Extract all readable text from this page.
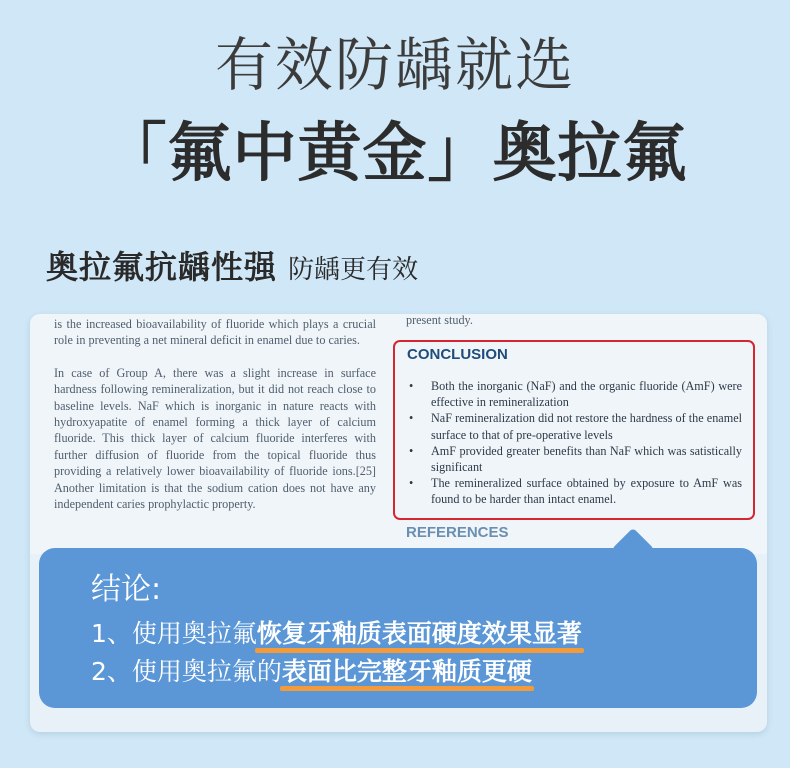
有效防龋就选
「氟中黄金」奥拉氟
奥拉氟抗龋性强 防龋更有效

is the increased bioavailability of fluoride which plays a crucial role in preventing a net mineral deficit in enamel due to caries.

In case of Group A, there was a slight increase in surface hardness following remineralization, but it did not reach close to baseline levels. NaF which is inorganic in nature reacts with hydroxyapatite of enamel forming a thick layer of calcium fluoride. This thick layer of calcium fluoride interferes with further diffusion of fluoride from the topical fluoride thus providing a relatively lower bioavailability of fluoride ions.[25] Another limitation is that the sodium cation does not have any independent caries prophylactic property.

present study.
CONCLUSION
• Both the inorganic (NaF) and the organic fluoride (AmF) were effective in remineralization
• NaF remineralization did not restore the hardness of the enamel surface to that of pre-operative levels
• AmF provided greater benefits than NaF which was satistically significant
• The remineralized surface obtained by exposure to AmF was found to be harder than intact enamel.
REFERENCES
结论:
1、使用奥拉氟恢复牙釉质表面硬度效果显著
2、使用奥拉氟的表面比完整牙釉质更硬
